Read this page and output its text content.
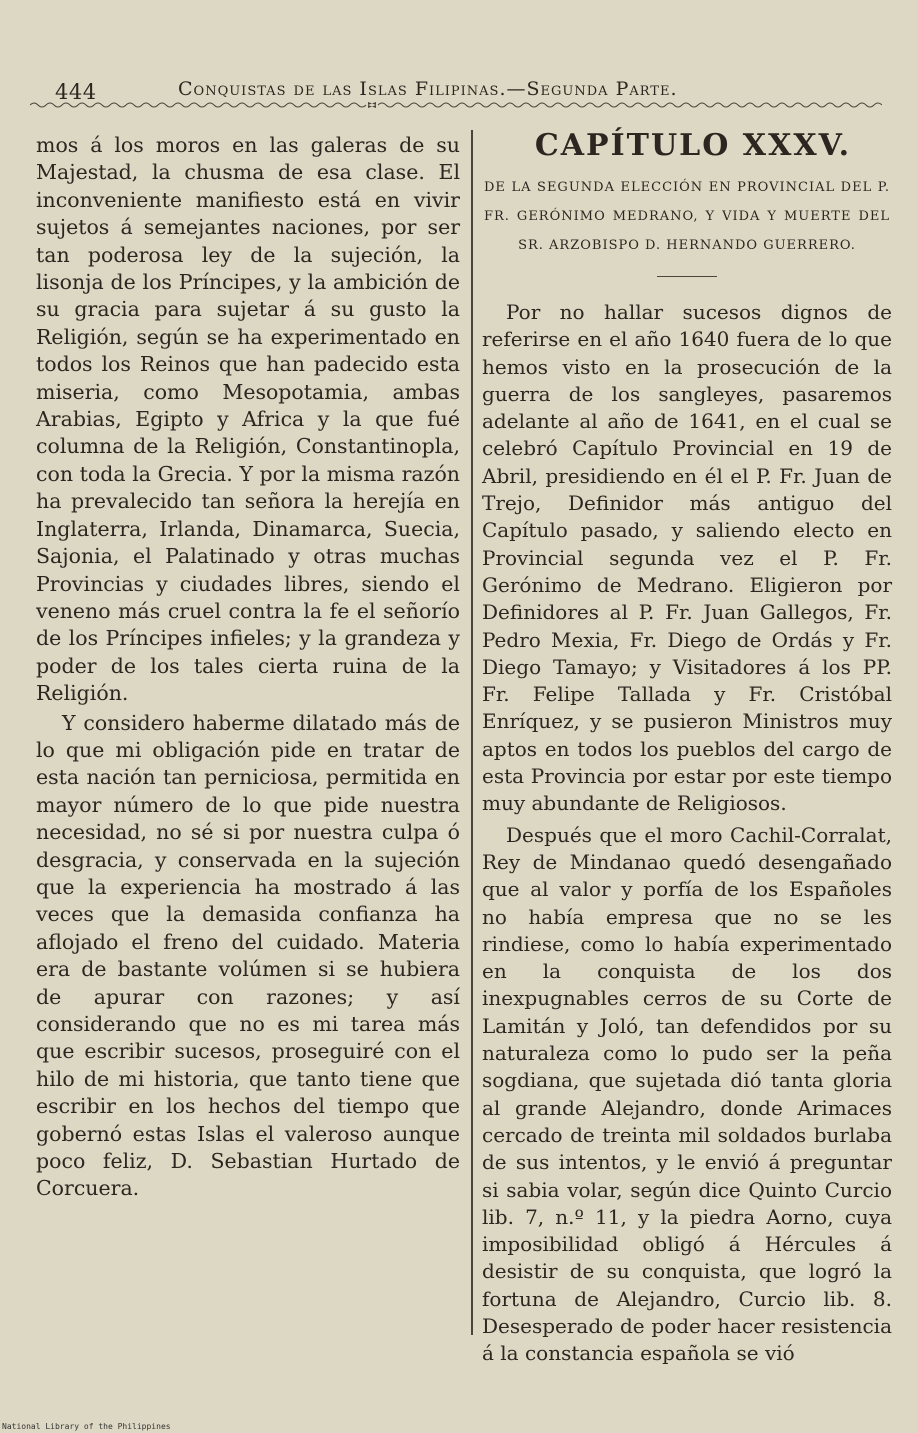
444	Conquistas de las Islas Filipinas.—Segunda Parte.

mos á los moros en las galeras de su Majestad, la chusma de esa clase. El inconveniente manifiesto está en vivir sujetos á semejantes naciones, por ser tan poderosa ley de la sujeción, la lisonja de los Príncipes, y la ambición de su gracia para sujetar á su gusto la Religión, según se ha experimentado en todos los Reinos que han padecido esta miseria, como Mesopotamia, ambas Arabias, Egipto y Africa y la que fué columna de la Religión, Constantinopla, con toda la Grecia. Y por la misma razón ha prevalecido tan señora la herejía en Inglaterra, Irlanda, Dinamarca, Suecia, Sajonia, el Palatinado y otras muchas Provincias y ciudades libres, siendo el veneno más cruel contra la fe el señorío de los Príncipes infieles; y la grandeza y poder de los tales cierta ruina de la Religión.

Y considero haberme dilatado más de lo que mi obligación pide en tratar de esta nación tan perniciosa, permitida en mayor número de lo que pide nuestra necesidad, no sé si por nuestra culpa ó desgracia, y conservada en la sujeción que la experiencia ha mostrado á las veces que la demasida confianza ha aflojado el freno del cuidado. Materia era de bastante volúmen si se hubiera de apurar con razones; y así considerando que no es mi tarea más que escribir sucesos, proseguiré con el hilo de mi historia, que tanto tiene que escribir en los hechos del tiempo que gobernó estas Islas el valeroso aunque poco feliz, D. Sebastian Hurtado de Corcuera.

CAPÍTULO XXXV.

DE LA SEGUNDA ELECCIÓN EN PROVINCIAL DEL P. FR. GERÓNIMO MEDRANO, Y VIDA Y MUERTE DEL SR. ARZOBISPO D. HERNANDO GUERRERO.

Por no hallar sucesos dignos de referirse en el año 1640 fuera de lo que hemos visto en la prosecución de la guerra de los sangleyes, pasaremos adelante al año de 1641, en el cual se celebró Capítulo Provincial en 19 de Abril, presidiendo en él el P. Fr. Juan de Trejo, Definidor más antiguo del Capítulo pasado, y saliendo electo en Provincial segunda vez el P. Fr. Gerónimo de Medrano. Eligieron por Definidores al P. Fr. Juan Gallegos, Fr. Pedro Mexia, Fr. Diego de Ordás y Fr. Diego Tamayo; y Visitadores á los PP. Fr. Felipe Tallada y Fr. Cristóbal Enríquez, y se pusieron Ministros muy aptos en todos los pueblos del cargo de esta Provincia por estar por este tiempo muy abundante de Religiosos.

Después que el moro Cachil-Corralat, Rey de Mindanao quedó desengañado que al valor y porfía de los Españoles no había empresa que no se les rindiese, como lo había experimentado en la conquista de los dos inexpugnables cerros de su Corte de Lamitán y Joló, tan defendidos por su naturaleza como lo pudo ser la peña sogdiana, que sujetada dió tanta gloria al grande Alejandro, donde Arimaces cercado de treinta mil soldados burlaba de sus intentos, y le envió á preguntar si sabia volar, según dice Quinto Curcio lib. 7, n.º 11, y la piedra Aorno, cuya imposibilidad obligó á Hércules á desistir de su conquista, que logró la fortuna de Alejandro, Curcio lib. 8. Desesperado de poder hacer resistencia á la constancia española se vió

National Library of the Philippines
